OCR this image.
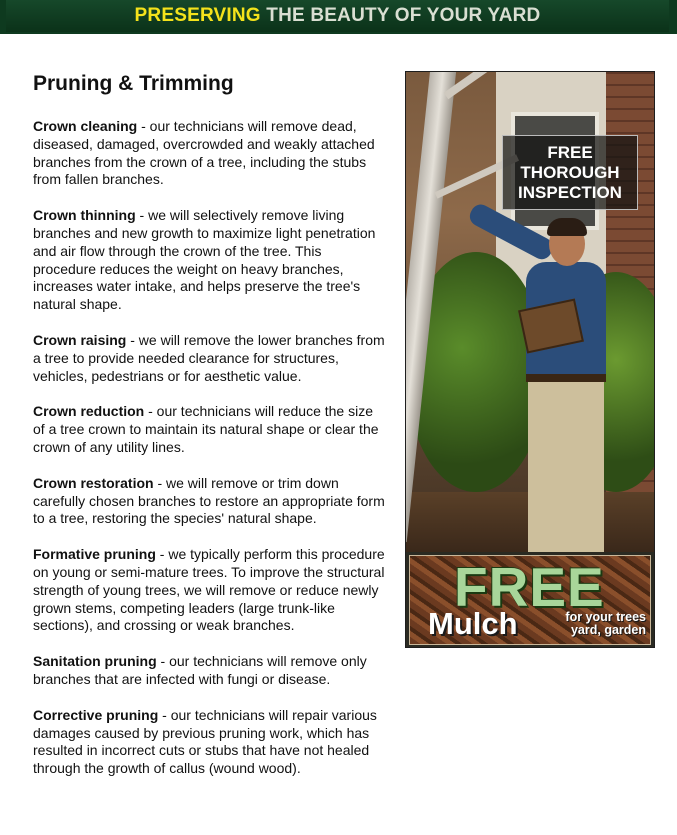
PRESERVING THE BEAUTY OF YOUR YARD
Pruning & Trimming
Crown cleaning - our technicians will remove dead, diseased, damaged, overcrowded and weakly attached branches from the crown of a tree, including the stubs from fallen branches.
Crown thinning - we will selectively remove living branches and new growth to maximize light penetration and air flow through the crown of the tree. This procedure reduces the weight on heavy branches, increases water intake, and helps preserve the tree's natural shape.
Crown raising - we will remove the lower branches from a tree to provide needed clearance for structures, vehicles, pedestrians or for aesthetic value.
Crown reduction - our technicians will reduce the size of a tree crown to maintain its natural shape or clear the crown of any utility lines.
Crown restoration - we will remove or trim down carefully chosen branches to restore an appropriate form to a tree, restoring the species' natural shape.
Formative pruning - we typically perform this procedure on young or semi-mature trees. To improve the structural strength of young trees, we will remove or reduce newly grown stems, competing leaders (large trunk-like sections), and crossing or weak branches.
Sanitation pruning - our technicians will remove only branches that are infected with fungi or disease.
Corrective pruning - our technicians will repair various damages caused by previous pruning work, which has resulted in incorrect cuts or stubs that have not healed through the growth of callus (wound wood).
FREE
THOROUGH
INSPECTION
FREE
Mulch	for your trees yard, garden
